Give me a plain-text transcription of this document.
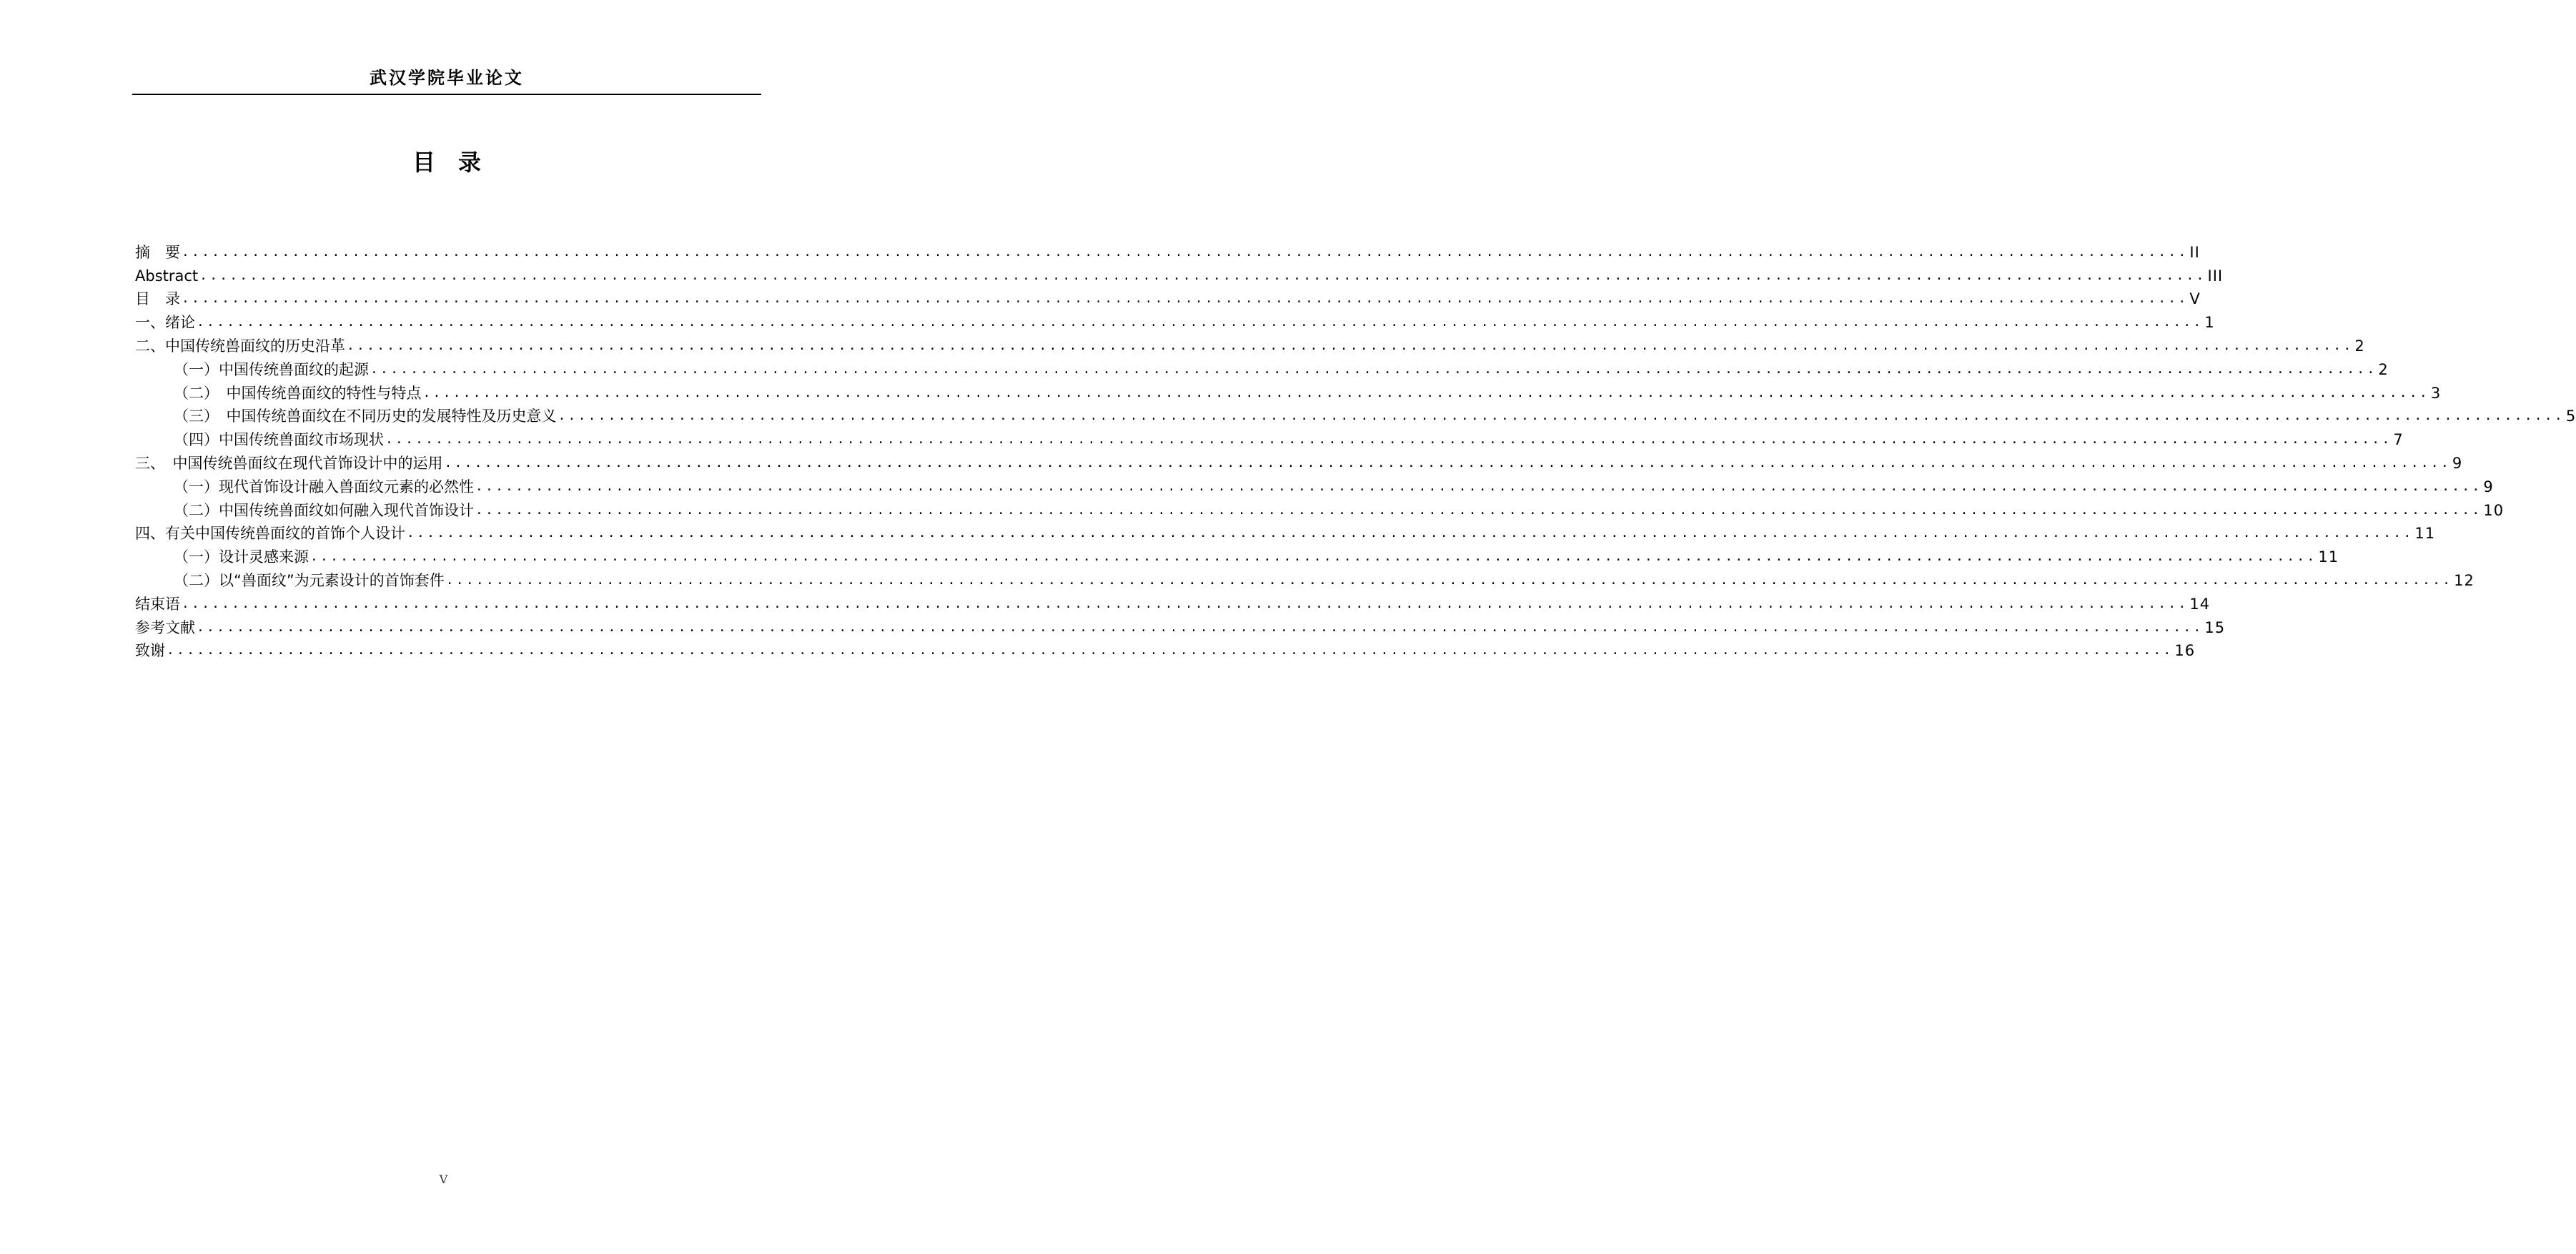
武汉学院毕业论文
目 录
摘　要 ........................................................................................................................................................................................................ II
Abstract ........................................................................................................................................................................................................ III
目　录 ........................................................................................................................................................................................................ V
一、绪论 ........................................................................................................................................................................................................ 1
二、中国传统兽面纹的历史沿革 ........................................................................................................................................................................................................ 2
（一）中国传统兽面纹的起源 ........................................................................................................................................................................................................ 2
（二）　中国传统兽面纹的特性与特点 ........................................................................................................................................................................................................ 3
（三）　中国传统兽面纹在不同历史的发展特性及历史意义 ........................................................................................................................................................................................................ 5
（四）中国传统兽面纹市场现状 ........................................................................................................................................................................................................ 7
三、　中国传统兽面纹在现代首饰设计中的运用 ........................................................................................................................................................................................................ 9
（一）现代首饰设计融入兽面纹元素的必然性 ........................................................................................................................................................................................................ 9
（二）中国传统兽面纹如何融入现代首饰设计 ........................................................................................................................................................................................................ 10
四、有关中国传统兽面纹的首饰个人设计 ........................................................................................................................................................................................................ 11
（一）设计灵感来源 ........................................................................................................................................................................................................ 11
（二）以“兽面纹”为元素设计的首饰套件 ........................................................................................................................................................................................................ 12
结束语 ........................................................................................................................................................................................................ 14
参考文献 ........................................................................................................................................................................................................ 15
致谢 ........................................................................................................................................................................................................ 16
V
